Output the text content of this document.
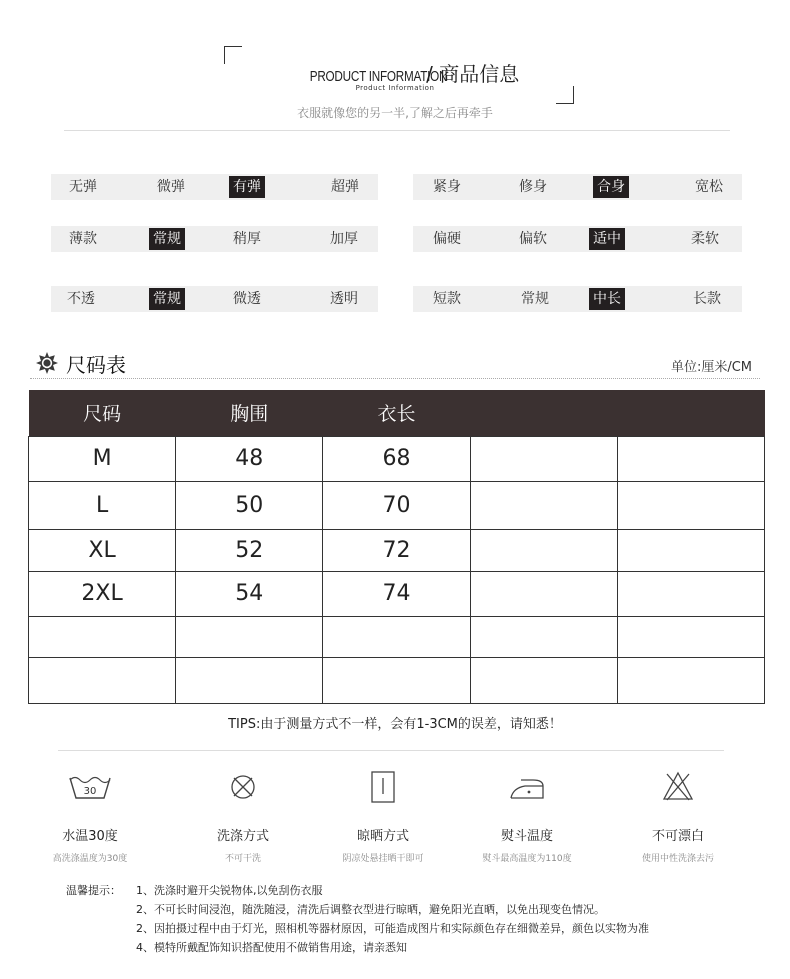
PRODUCT INFORMATION / 商品信息
Product Information
衣服就像您的另一半,了解之后再牵手
无弹	微弹	有弹	超弹	紧身	修身	合身	宽松
薄款	常规	稍厚	加厚	偏硬	偏软	适中	柔软
不透	常规	微透	透明	短款	常规	中长	长款
尺码表	单位:厘米/CM
尺码	胸围	衣长		
M	48	68		
L	50	70		
XL	52	72		
2XL	54	74		

TIPS:由于测量方式不一样，会有1-3CM的误差，请知悉！
30
水温30度
高洗涤温度为30度
洗涤方式
不可干洗
晾晒方式
阴凉处悬挂晒干即可
熨斗温度
熨斗最高温度为110度
不可漂白
使用中性洗涤去污
温馨提示： 1、洗涤时避开尖锐物体,以免刮伤衣服
2、不可长时间浸泡，随洗随浸，清洗后调整衣型进行晾晒，避免阳光直晒，以免出现变色情况。
2、因拍摄过程中由于灯光，照相机等器材原因，可能造成图片和实际颜色存在细微差异，颜色以实物为准
4、模特所戴配饰知识搭配使用不做销售用途，请亲悉知
